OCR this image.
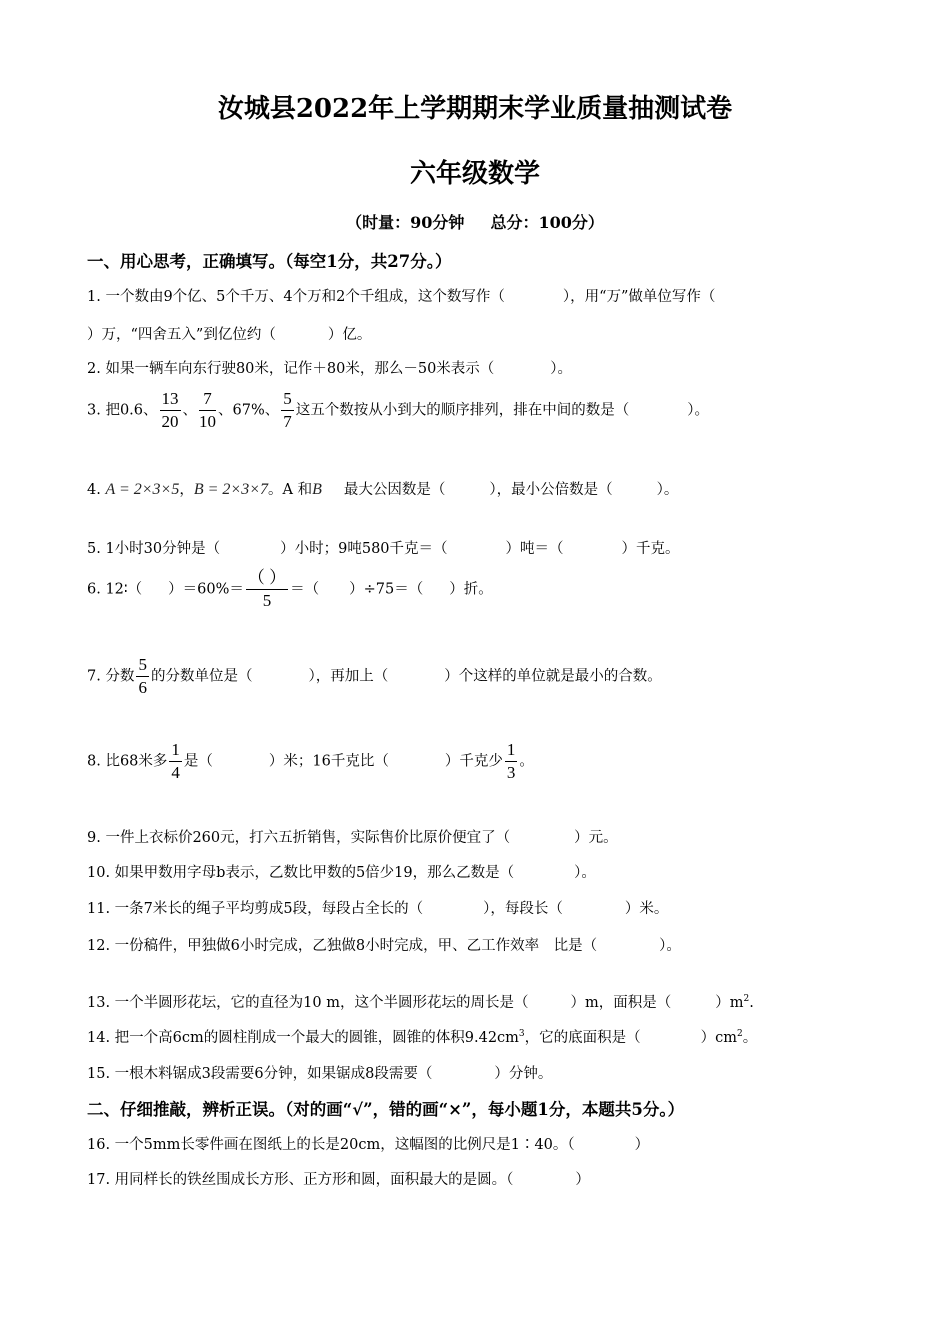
汝城县2022年上学期期末学业质量抽测试卷
六年级数学
（时量：90分钟 总分：100分）
一、用心思考，正确填写。（每空1分，共27分。）
1. 一个数由9个亿、5个千万、4个万和2个千组成，这个数写作（	），用“万”做单位写作（
）万，“四舍五入”到亿位约（	）亿。
2. 如果一辆车向东行驶80米，记作＋80米，那么－50米表示（	）。
3. 把0.6、 $\frac{13}{20}$ 、 $\frac{7}{10}$ 、67%、 $\frac{5}{7}$ 这五个数按从小到大的顺序排列，排在中间的数是（	）。
4. A = 2×3×5，B = 2×3×7。A 和B 最大公因数是（	），最小公倍数是（	）。
5. 1小时30分钟是（	）小时；9吨580千克＝（	）吨＝（	）千克。
6. 12∶（ ）$=60\%= \frac{( )}{5}$ ＝（ ）÷75＝（ ）折。
7. 分数 $\frac{5}{6}$ 的分数单位是（	），再加上（	）个这样的单位就是最小的合数。
8. 比68米多 $\frac{1}{4}$ 是（	）米；16千克比（	）千克少 $\frac{1}{3}$ 。
9. 一件上衣标价260元，打六五折销售，实际售价比原价便宜了（	）元。
10. 如果甲数用字母b表示，乙数比甲数的5倍少19，那么乙数是（	）。
11. 一条7米长的绳子平均剪成5段，每段占全长的（	），每段长（	）米。
12. 一份稿件，甲独做6小时完成，乙独做8小时完成，甲、乙工作效率　比是（	）。
13. 一个半圆形花坛，它的直径为10 m，这个半圆形花坛的周长是（	）m，面积是（	）$m^2$.
14. 把一个高6cm的圆柱削成一个最大的圆锥，圆锥的体积$9.42cm^3$，它的底面积是（	）$cm^2$。
15. 一根木料锯成3段需要6分钟，如果锯成8段需要（	）分钟。
二、仔细推敲，辨析正误。（对的画“√”，错的画“×”，每小题1分，本题共5分。）
16. 一个5mm长零件画在图纸上的长是20cm，这幅图的比例尺是1∶40。（	）
17. 用同样长的铁丝围成长方形、正方形和圆，面积最大的是圆。（	）
